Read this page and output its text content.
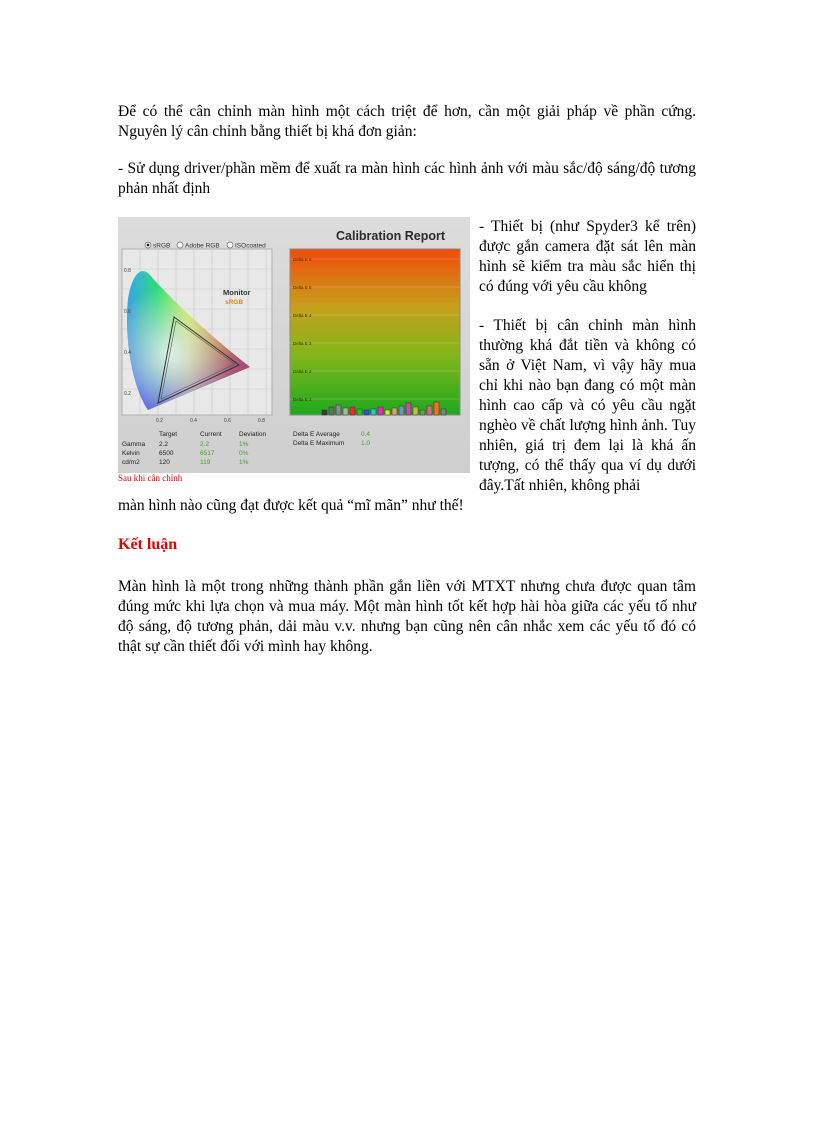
Để có thể cân chỉnh màn hình một cách triệt để hơn, cần một giải pháp về phần cứng. Nguyên lý cân chỉnh bằng thiết bị khá đơn giản:

- Sử dụng driver/phần mềm để xuất ra màn hình các hình ảnh với màu sắc/độ sáng/độ tương phản nhất định

sRGB Adobe RGB ISOcoated
0.8
0.6
0.4
0.2
0.2	0.4	0.6	0.8
Monitor
sRGB
Calibration Report
Delta E 6
Delta E 5
Delta E 4
Delta E 3
Delta E 2
Delta E 1
Target	Current	Deviation
Gamma 2.2	2.2	1%
Kelvin	6500	6517	0%
cd/m2	120	119	1%
Delta E Average	0.4
Delta E Maximum	1.0
Sau khi cân chỉnh

- Thiết bị (như Spyder3 kể trên) được gắn camera đặt sát lên màn hình sẽ kiểm tra màu sắc hiển thị có đúng với yêu cầu không

- Thiết bị cân chỉnh màn hình thường khá đắt tiền và không có sẵn ở Việt Nam, vì vậy hãy mua chỉ khi nào bạn đang có một màn hình cao cấp và có yêu cầu ngặt nghèo về chất lượng hình ảnh. Tuy nhiên, giá trị đem lại là khá ấn tượng, có thể thấy qua ví dụ dưới đây.Tất nhiên, không phải

màn hình nào cũng đạt được kết quả “mĩ mãn” như thế!

Kết luận

Màn hình là một trong những thành phần gắn liền với MTXT nhưng chưa được quan tâm đúng mức khi lựa chọn và mua máy. Một màn hình tốt kết hợp hài hòa giữa các yếu tố như độ sáng, độ tương phản, dải màu v.v. nhưng bạn cũng nên cân nhắc xem các yếu tố đó có thật sự cần thiết đối với mình hay không.
